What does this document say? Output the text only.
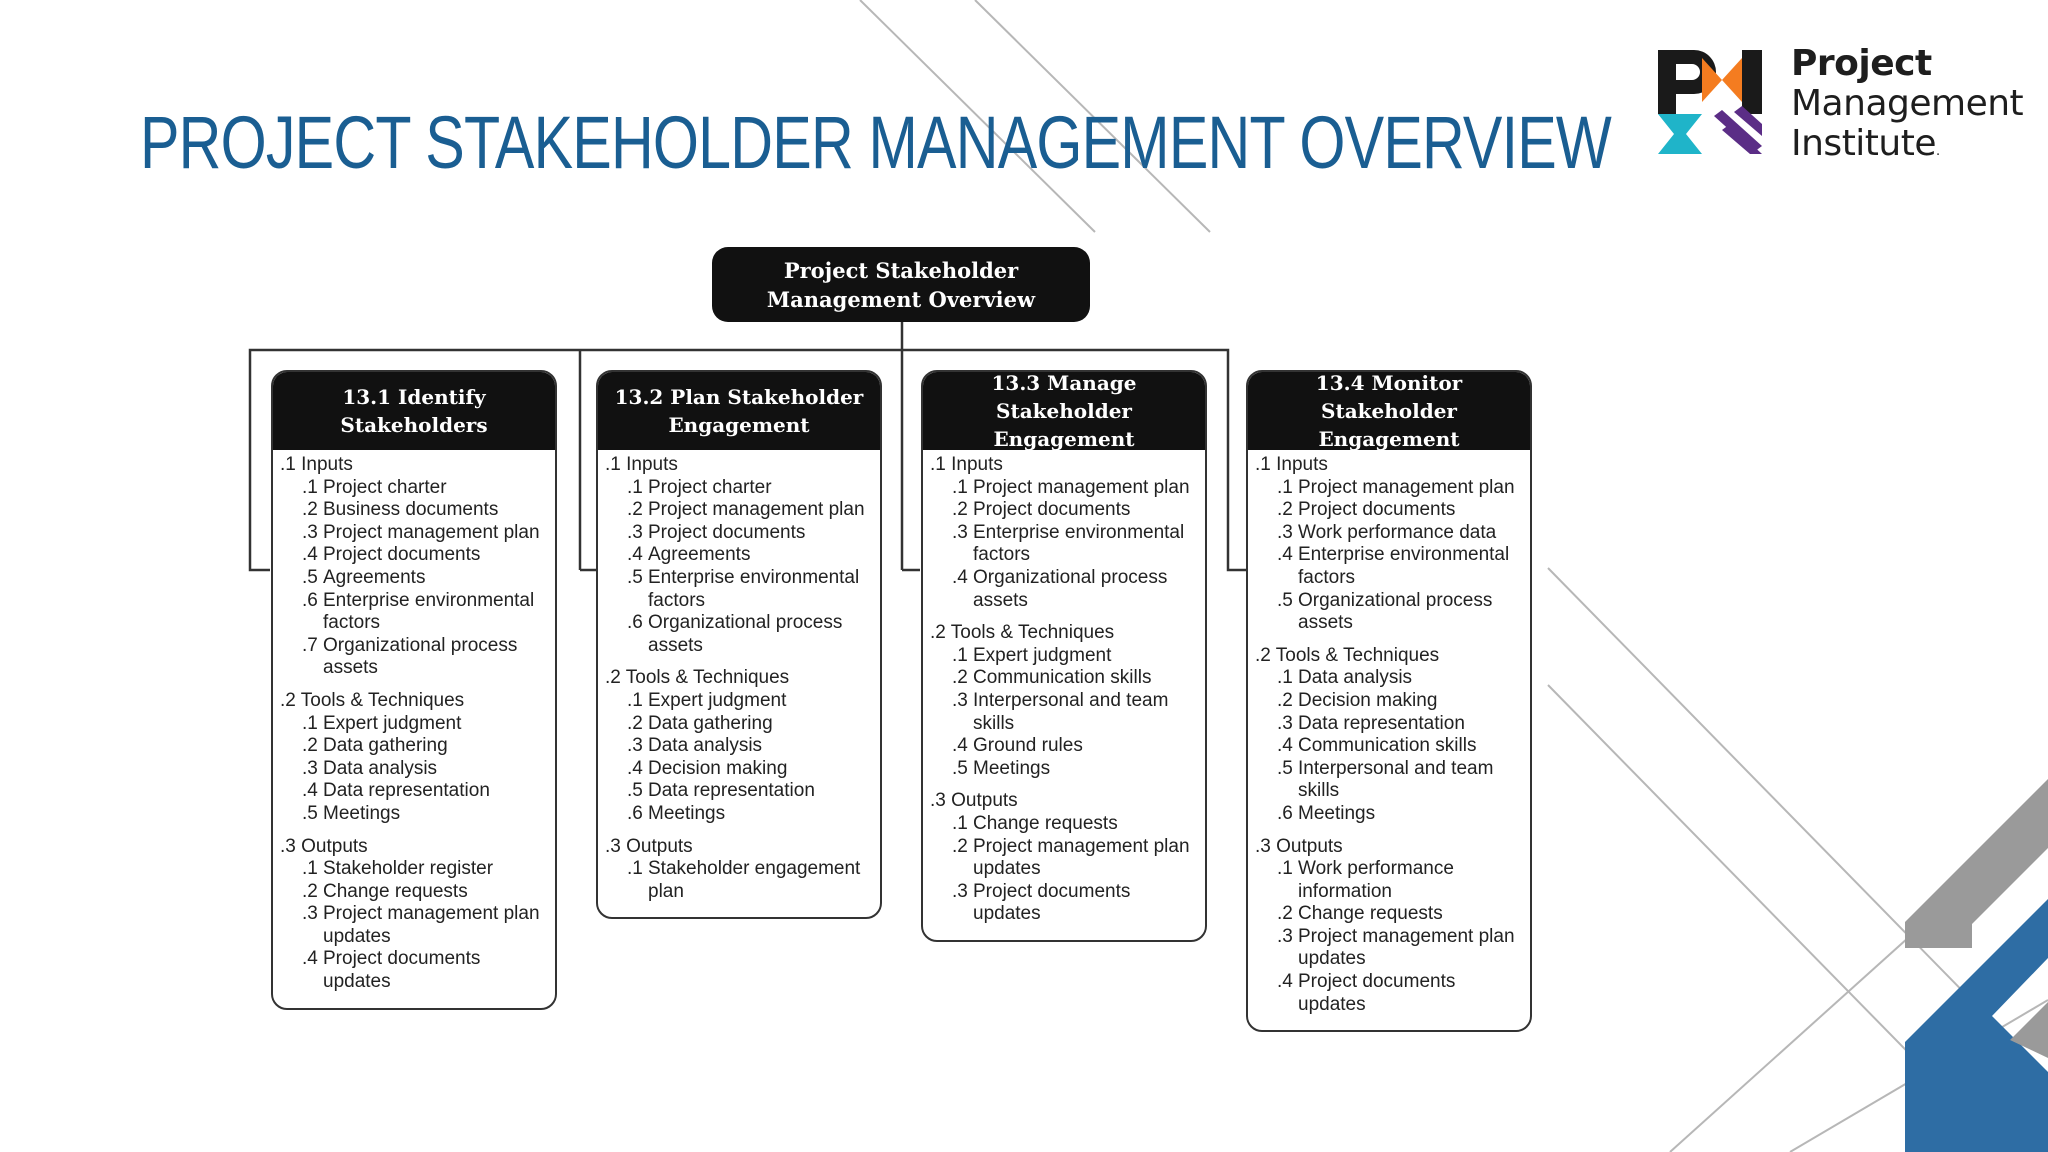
PROJECT STAKEHOLDER MANAGEMENT OVERVIEW
Project
Management
Institute.
Project Stakeholder Management Overview
13.1 Identify Stakeholders
.1 Inputs
.1 Project charter
.2 Business documents
.3 Project management plan
.4 Project documents
.5 Agreements
.6 Enterprise environmental factors
.7 Organizational process assets
.2 Tools & Techniques
.1 Expert judgment
.2 Data gathering
.3 Data analysis
.4 Data representation
.5 Meetings
.3 Outputs
.1 Stakeholder register
.2 Change requests
.3 Project management plan updates
.4 Project documents updates
13.2 Plan Stakeholder Engagement
.1 Inputs
.1 Project charter
.2 Project management plan
.3 Project documents
.4 Agreements
.5 Enterprise environmental factors
.6 Organizational process assets
.2 Tools & Techniques
.1 Expert judgment
.2 Data gathering
.3 Data analysis
.4 Decision making
.5 Data representation
.6 Meetings
.3 Outputs
.1 Stakeholder engagement plan
13.3 Manage Stakeholder Engagement
.1 Inputs
.1 Project management plan
.2 Project documents
.3 Enterprise environmental factors
.4 Organizational process assets
.2 Tools & Techniques
.1 Expert judgment
.2 Communication skills
.3 Interpersonal and team skills
.4 Ground rules
.5 Meetings
.3 Outputs
.1 Change requests
.2 Project management plan updates
.3 Project documents updates
13.4 Monitor Stakeholder Engagement
.1 Inputs
.1 Project management plan
.2 Project documents
.3 Work performance data
.4 Enterprise environmental factors
.5 Organizational process assets
.2 Tools & Techniques
.1 Data analysis
.2 Decision making
.3 Data representation
.4 Communication skills
.5 Interpersonal and team skills
.6 Meetings
.3 Outputs
.1 Work performance information
.2 Change requests
.3 Project management plan updates
.4 Project documents updates
